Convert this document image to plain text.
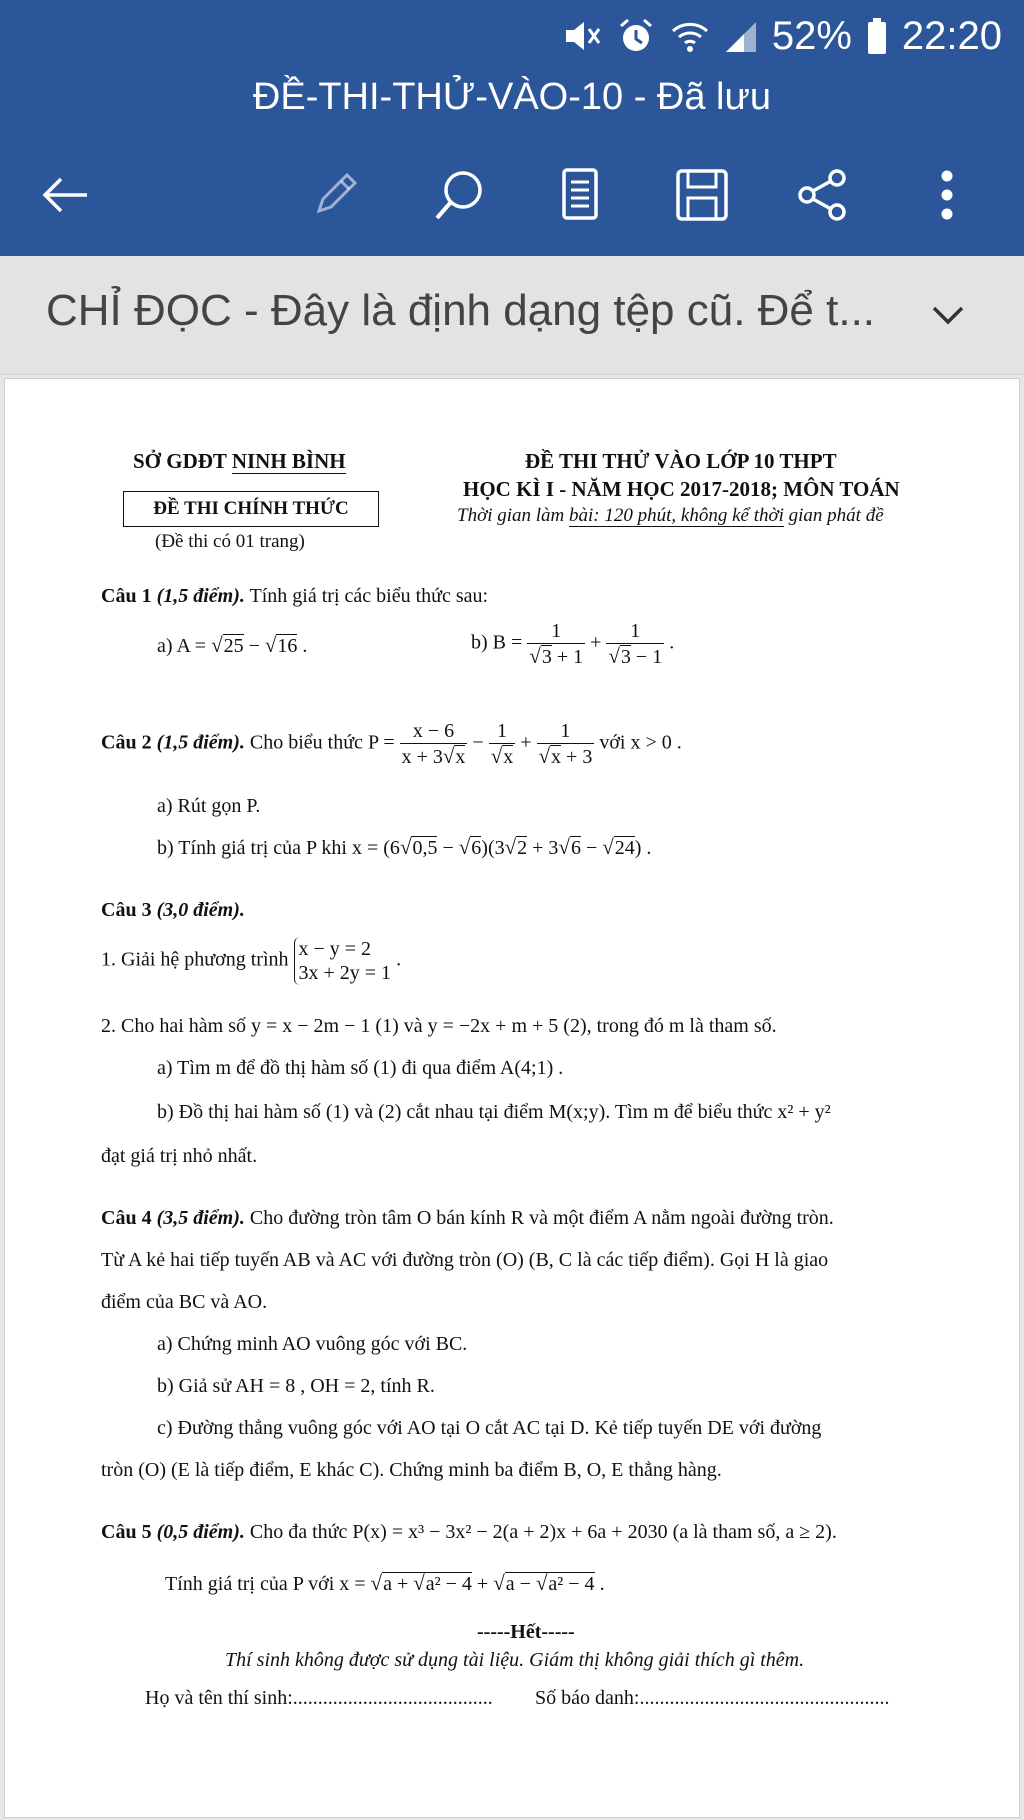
52% 22:20
ĐỀ-THI-THỬ-VÀO-10 - Đã lưu
CHỈ ĐỌC - Đây là định dạng tệp cũ. Để t...
SỞ GDĐT NINH BÌNH
ĐỀ THI CHÍNH THỨC
(Đề thi có 01 trang)
ĐỀ THI THỬ VÀO LỚP 10 THPT
HỌC KÌ I - NĂM HỌC 2017-2018; MÔN TOÁN
Thời gian làm bài: 120 phút, không kể thời gian phát đề
Câu 1 (1,5 điểm). Tính giá trị các biểu thức sau:
a) A = √25 − √16 .	b) $B = \frac{1}{√3 + 1} + \frac{1}{√3 - 1}$ .
Câu 2 (1,5 điểm). Cho biểu thức $P = \frac{x - 6}{x + 3√x} - \frac{1}{√x} + \frac{1}{√x + 3}$ với x > 0 .
a) Rút gọn P.
b) Tính giá trị của P khi x = (6√0,5 − √6)(3√2 + 3√6 − √24) .
Câu 3 (3,0 điểm).
1. Giải hệ phương trình x − y = 2
3x + 2y = 1 .
2. Cho hai hàm số y = x − 2m − 1 (1) và y = −2x + m + 5 (2), trong đó m là tham số.
a) Tìm m để đồ thị hàm số (1) đi qua điểm A(4;1) .
b) Đồ thị hai hàm số (1) và (2) cắt nhau tại điểm M(x;y). Tìm m để biểu thức x² + y²
đạt giá trị nhỏ nhất.
Câu 4 (3,5 điểm). Cho đường tròn tâm O bán kính R và một điểm A nằm ngoài đường tròn.
Từ A kẻ hai tiếp tuyến AB và AC với đường tròn (O) (B, C là các tiếp điểm). Gọi H là giao
điểm của BC và AO.
a) Chứng minh AO vuông góc với BC.
b) Giả sử AH = 8 , OH = 2, tính R.
c) Đường thẳng vuông góc với AO tại O cắt AC tại D. Kẻ tiếp tuyến DE với đường
tròn (O) (E là tiếp điểm, E khác C). Chứng minh ba điểm B, O, E thẳng hàng.
Câu 5 (0,5 điểm). Cho đa thức P(x) = x³ − 3x² − 2(a + 2)x + 6a + 2030 (a là tham số, a ≥ 2).
Tính giá trị của P với x = √a + √a² − 4 + √a − √a² − 4 .
-----Hết-----
Thí sinh không được sử dụng tài liệu. Giám thị không giải thích gì thêm.
Họ và tên thí sinh:........................................ Số báo danh:..................................................
